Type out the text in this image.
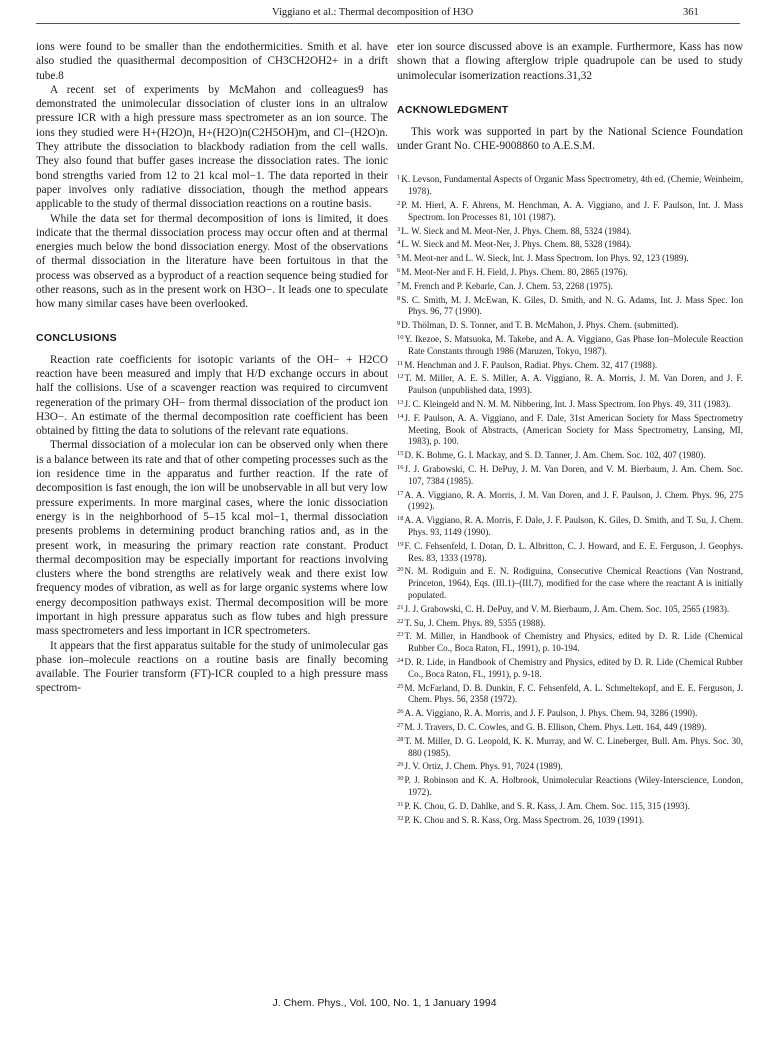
Viggiano et al.: Thermal decomposition of H3O	361

ions were found to be smaller than the endothermicities. Smith et al. have also studied the quasithermal decomposition of CH3CH2OH2+ in a drift tube.8

A recent set of experiments by McMahon and colleagues9 has demonstrated the unimolecular dissociation of cluster ions in an ultralow pressure ICR with a high pressure mass spectrometer as an ion source. The ions they studied were H+(H2O)n, H+(H2O)n(C2H5OH)m, and Cl−(H2O)n. They attribute the dissociation to blackbody radiation from the cell walls. They also found that buffer gases increase the dissociation rates. The ionic bond strengths varied from 12 to 21 kcal mol−1. The data reported in their paper involves only radiative dissociation, though the method appears applicable to the study of thermal dissociation reactions on a routine basis.

While the data set for thermal decomposition of ions is limited, it does indicate that the thermal dissociation process may occur often and at thermal energies much below the bond dissociation energy. Most of the observations of thermal dissociation in the literature have been fortuitous in that the process was observed as a byproduct of a reaction sequence being studied for other reasons, such as in the present work on H3O−. It leads one to speculate how many similar cases have been overlooked.

CONCLUSIONS

Reaction rate coefficients for isotopic variants of the OH− + H2CO reaction have been measured and imply that H/D exchange occurs in about half the collisions. Use of a scavenger reaction was required to circumvent regeneration of the primary OH− from thermal dissociation of the product ion H3O−. An estimate of the thermal decomposition rate coefficient has been obtained by fitting the data to solutions of the relevant rate equations.

Thermal dissociation of a molecular ion can be observed only when there is a balance between its rate and that of other competing processes such as the ion residence time in the apparatus and further reaction. If the rate of decomposition is fast enough, the ion will be unobservable in all but very low pressure experiments. In more marginal cases, where the ionic dissociation energy is in the neighborhood of 5–15 kcal mol−1, thermal dissociation presents problems in determining product branching ratios and, as in the present work, in measuring the primary reaction rate constant. Product thermal decomposition may be especially important for reactions involving clusters where the bond strengths are relatively weak and there exist low frequency modes of vibration, as well as for large organic systems where low energy decomposition pathways exist. Thermal decomposition will be more important in high pressure apparatus such as flow tubes and high pressure mass spectrometers and less important in ICR spectrometers.

It appears that the first apparatus suitable for the study of unimolecular gas phase ion–molecule reactions on a routine basis are finally becoming available. The Fourier transform (FT)-ICR coupled to a high pressure mass spectrom-

eter ion source discussed above is an example. Furthermore, Kass has now shown that a flowing afterglow triple quadrupole can be used to study unimolecular isomerization reactions.31,32

ACKNOWLEDGMENT

This work was supported in part by the National Science Foundation under Grant No. CHE-9008860 to A.E.S.M.

$^1$K. Levson, Fundamental Aspects of Organic Mass Spectrometry, 4th ed. (Chemie, Weinheim, 1978).
$^2$P. M. Hierl, A. F. Ahrens, M. Henchman, A. A. Viggiano, and J. F. Paulson, Int. J. Mass Spectrom. Ion Processes 81, 101 (1987).
$^3$L. W. Sieck and M. Meot-Ner, J. Phys. Chem. 88, 5324 (1984).
$^4$L. W. Sieck and M. Meot-Ner, J. Phys. Chem. 88, 5328 (1984).
$^5$M. Meot-ner and L. W. Sieck, Int. J. Mass Spectrom. Ion Phys. 92, 123 (1989).
$^6$M. Meot-Ner and F. H. Field, J. Phys. Chem. 80, 2865 (1976).
$^7$M. French and P. Kebarle, Can. J. Chem. 53, 2268 (1975).
$^8$S. C. Smith, M. J. McEwan, K. Giles, D. Smith, and N. G. Adams, Int. J. Mass Spec. Ion Phys. 96, 77 (1990).
$^9$D. Thölman, D. S. Tonner, and T. B. McMahon, J. Phys. Chem. (submitted).
$^{10}$Y. Ikezoe, S. Matsuoka, M. Takebe, and A. A. Viggiano, Gas Phase Ion–Molecule Reaction Rate Constants through 1986 (Maruzen, Tokyo, 1987).
$^{11}$M. Henchman and J. F. Paulson, Radiat. Phys. Chem. 32, 417 (1988).
$^{12}$T. M. Miller, A. E. S. Miller, A. A. Viggiano, R. A. Morris, J. M. Van Doren, and J. F. Paulson (unpublished data, 1993).
$^{13}$J. C. Kleingeld and N. M. M. Nibbering, Int. J. Mass Spectrom. Ion Phys. 49, 311 (1983).
$^{14}$J. F. Paulson, A. A. Viggiano, and F. Dale, 31st American Society for Mass Spectrometry Meeting, Book of Abstracts, (American Society for Mass Spectrometry, Lansing, MI, 1983), p. 100.
$^{15}$D. K. Bohme, G. I. Mackay, and S. D. Tanner, J. Am. Chem. Soc. 102, 407 (1980).
$^{16}$J. J. Grabowski, C. H. DePuy, J. M. Van Doren, and V. M. Bierbaum, J. Am. Chem. Soc. 107, 7384 (1985).
$^{17}$A. A. Viggiano, R. A. Morris, J. M. Van Doren, and J. F. Paulson, J. Chem. Phys. 96, 275 (1992).
$^{18}$A. A. Viggiano, R. A. Morris, F. Dale, J. F. Paulson, K. Giles, D. Smith, and T. Su, J. Chem. Phys. 93, 1149 (1990).
$^{19}$F. C. Fehsenfeld, I. Dotan, D. L. Albritton, C. J. Howard, and E. E. Ferguson, J. Geophys. Res. 83, 1333 (1978).
$^{20}$N. M. Rodiguin and E. N. Rodiguina, Consecutive Chemical Reactions (Van Nostrand, Princeton, 1964), Eqs. (III.1)–(III.7), modified for the case where the reactant A is initially populated.
$^{21}$J. J. Grabowski, C. H. DePuy, and V. M. Bierbaum, J. Am. Chem. Soc. 105, 2565 (1983).
$^{22}$T. Su, J. Chem. Phys. 89, 5355 (1988).
$^{23}$T. M. Miller, in Handbook of Chemistry and Physics, edited by D. R. Lide (Chemical Rubber Co., Boca Raton, FL, 1991), p. 10-194.
$^{24}$D. R. Lide, in Handbook of Chemistry and Physics, edited by D. R. Lide (Chemical Rubber Co., Boca Raton, FL, 1991), p. 9-18.
$^{25}$M. McFarland, D. B. Dunkin, F. C. Fehsenfeld, A. L. Schmeltekopf, and E. E. Ferguson, J. Chem. Phys. 56, 2358 (1972).
$^{26}$A. A. Viggiano, R. A. Morris, and J. F. Paulson, J. Phys. Chem. 94, 3286 (1990).
$^{27}$M. J. Travers, D. C. Cowles, and G. B. Ellison, Chem. Phys. Lett. 164, 449 (1989).
$^{28}$T. M. Miller, D. G. Leopold, K. K. Murray, and W. C. Lineberger, Bull. Am. Phys. Soc. 30, 880 (1985).
$^{29}$J. V. Ortiz, J. Chem. Phys. 91, 7024 (1989).
$^{30}$P. J. Robinson and K. A. Holbrook, Unimolecular Reactions (Wiley-Interscience, London, 1972).
$^{31}$P. K. Chou, G. D. Dahlke, and S. R. Kass, J. Am. Chem. Soc. 115, 315 (1993).
$^{32}$P. K. Chou and S. R. Kass, Org. Mass Spectrom. 26, 1039 (1991).
J. Chem. Phys., Vol. 100, No. 1, 1 January 1994
